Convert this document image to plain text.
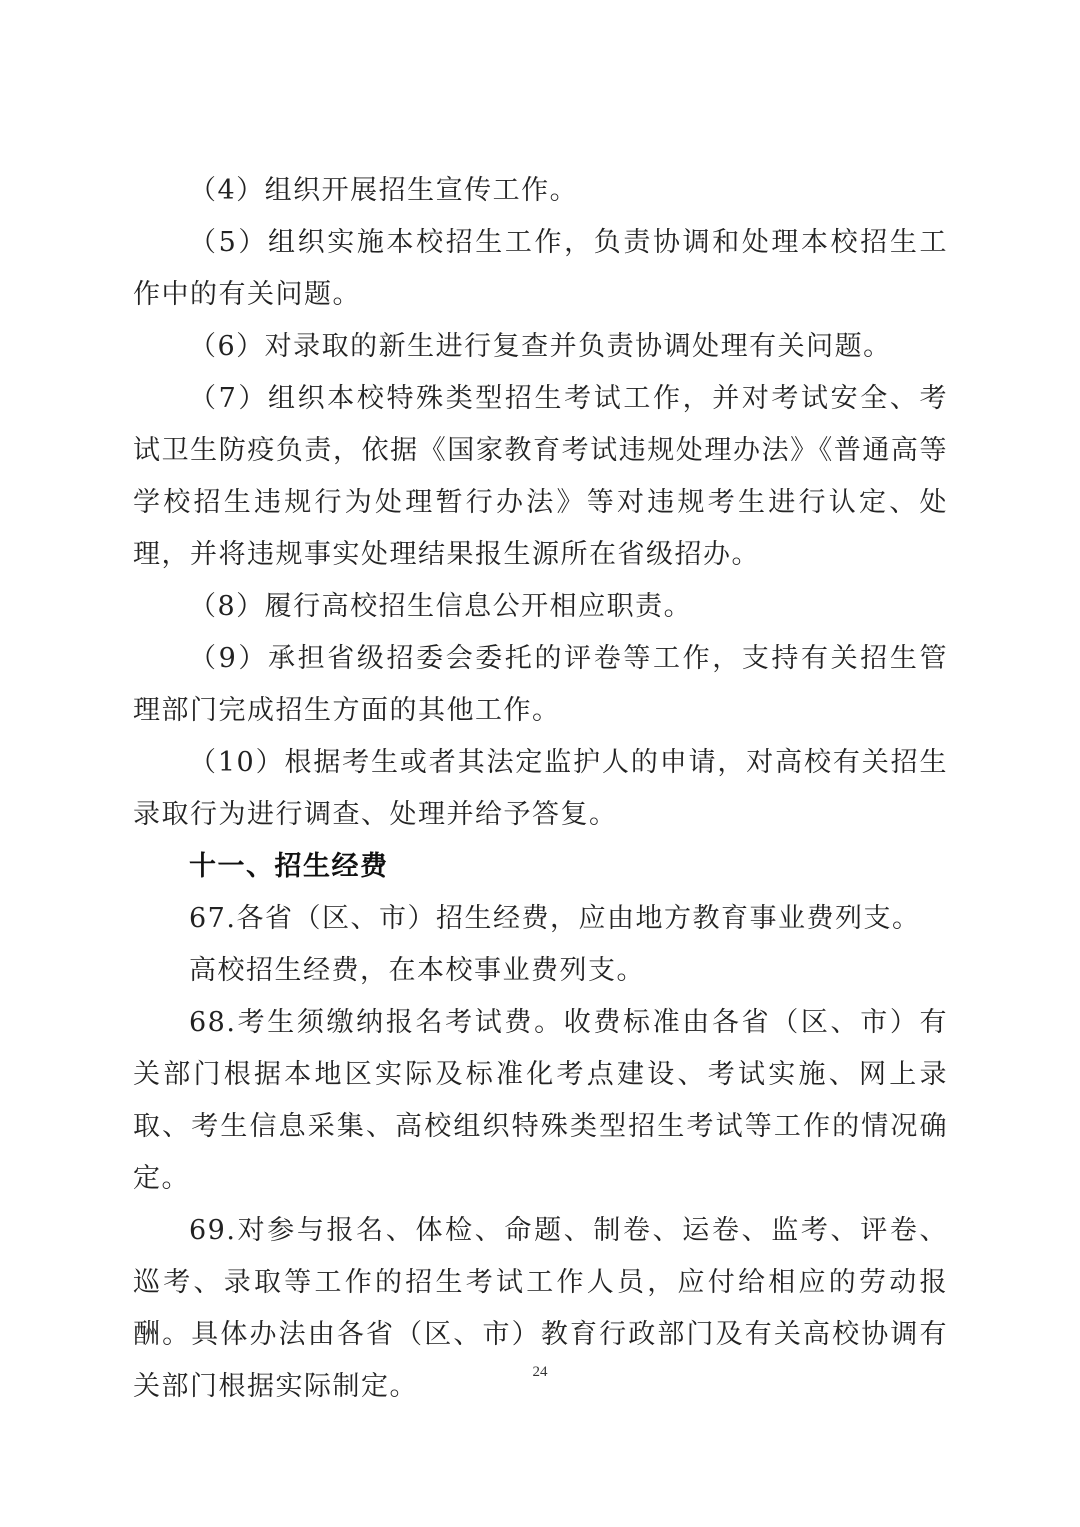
（4）组织开展招生宣传工作。

（5）组织实施本校招生工作，负责协调和处理本校招生工作中的有关问题。

（6）对录取的新生进行复查并负责协调处理有关问题。

（7）组织本校特殊类型招生考试工作，并对考试安全、考试卫生防疫负责，依据《国家教育考试违规处理办法》《普通高等学校招生违规行为处理暂行办法》等对违规考生进行认定、处理，并将违规事实处理结果报生源所在省级招办。

（8）履行高校招生信息公开相应职责。

（9）承担省级招委会委托的评卷等工作，支持有关招生管理部门完成招生方面的其他工作。

（10）根据考生或者其法定监护人的申请，对高校有关招生录取行为进行调查、处理并给予答复。

十一、招生经费

67.各省（区、市）招生经费，应由地方教育事业费列支。

高校招生经费，在本校事业费列支。

68.考生须缴纳报名考试费。收费标准由各省（区、市）有关部门根据本地区实际及标准化考点建设、考试实施、网上录取、考生信息采集、高校组织特殊类型招生考试等工作的情况确定。

69.对参与报名、体检、命题、制卷、运卷、监考、评卷、巡考、录取等工作的招生考试工作人员，应付给相应的劳动报酬。具体办法由各省（区、市）教育行政部门及有关高校协调有关部门根据实际制定。	24
